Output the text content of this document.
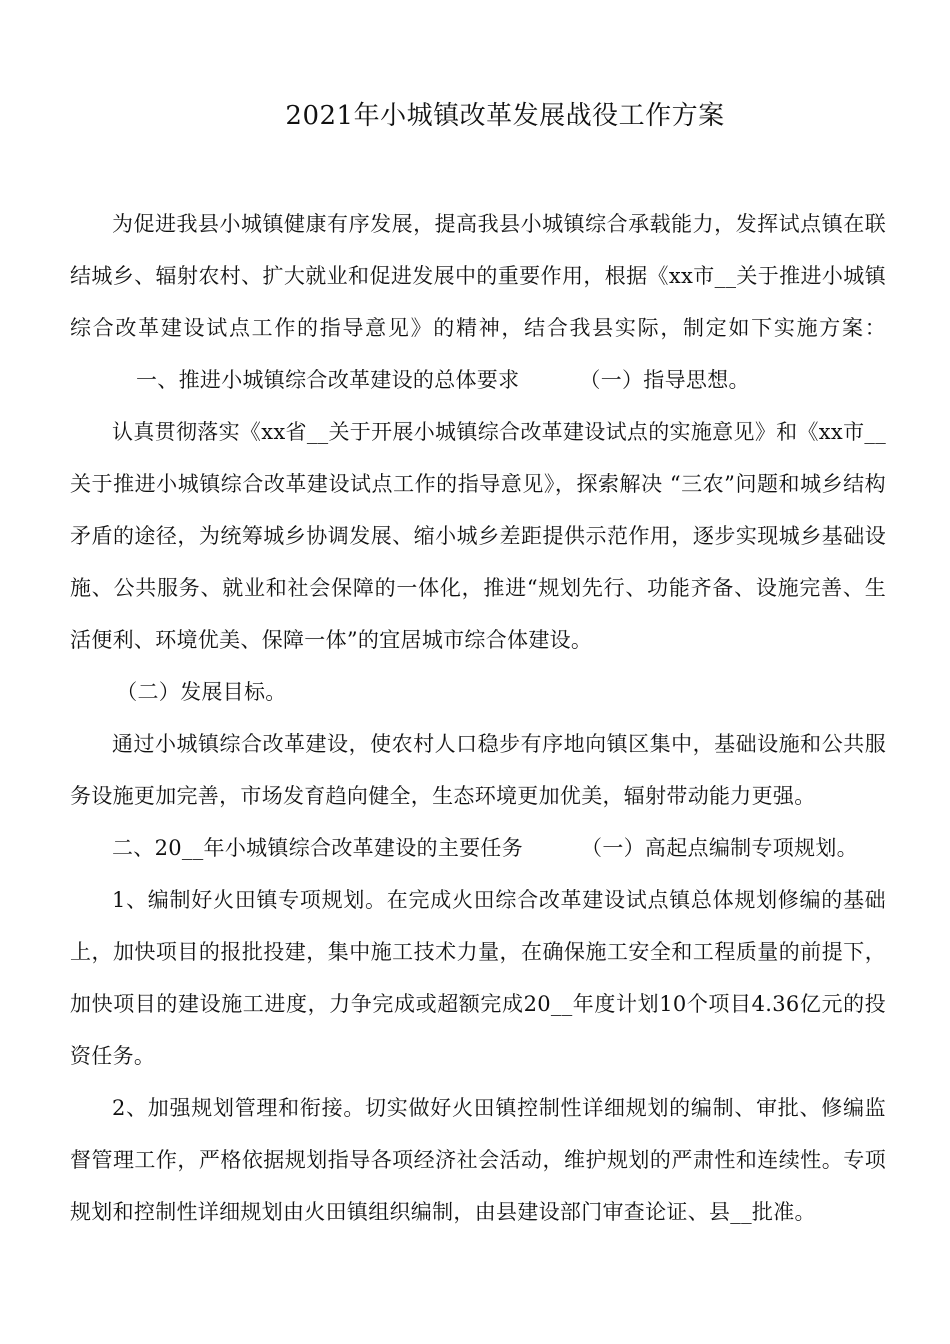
2021年小城镇改革发展战役工作方案

为促进我县小城镇健康有序发展，提高我县小城镇综合承载能力，发挥试点镇在联结城乡、辐射农村、扩大就业和促进发展中的重要作用，根据《xx市__关于推进小城镇综合改革建设试点工作的指导意见》的精神，结合我县实际，制定如下实施方案：一、推进小城镇综合改革建设的总体要求	（一）指导思想。

认真贯彻落实《xx省__关于开展小城镇综合改革建设试点的实施意见》和《xx市__关于推进小城镇综合改革建设试点工作的指导意见》，探索解决 “三农”问题和城乡结构矛盾的途径，为统筹城乡协调发展、缩小城乡差距提供示范作用，逐步实现城乡基础设施、公共服务、就业和社会保障的一体化，推进“规划先行、功能齐备、设施完善、生活便利、环境优美、保障一体”的宜居城市综合体建设。

（二）发展目标。

通过小城镇综合改革建设，使农村人口稳步有序地向镇区集中，基础设施和公共服务设施更加完善，市场发育趋向健全，生态环境更加优美，辐射带动能力更强。

二、20__年小城镇综合改革建设的主要任务	（一）高起点编制专项规划。

1、编制好火田镇专项规划。在完成火田综合改革建设试点镇总体规划修编的基础上，加快项目的报批投建，集中施工技术力量，在确保施工安全和工程质量的前提下，加快项目的建设施工进度，力争完成或超额完成20__年度计划10个项目4.36亿元的投资任务。

2、加强规划管理和衔接。切实做好火田镇控制性详细规划的编制、审批、修编监督管理工作，严格依据规划指导各项经济社会活动，维护规划的严肃性和连续性。专项规划和控制性详细规划由火田镇组织编制，由县建设部门审查论证、县__批准。
